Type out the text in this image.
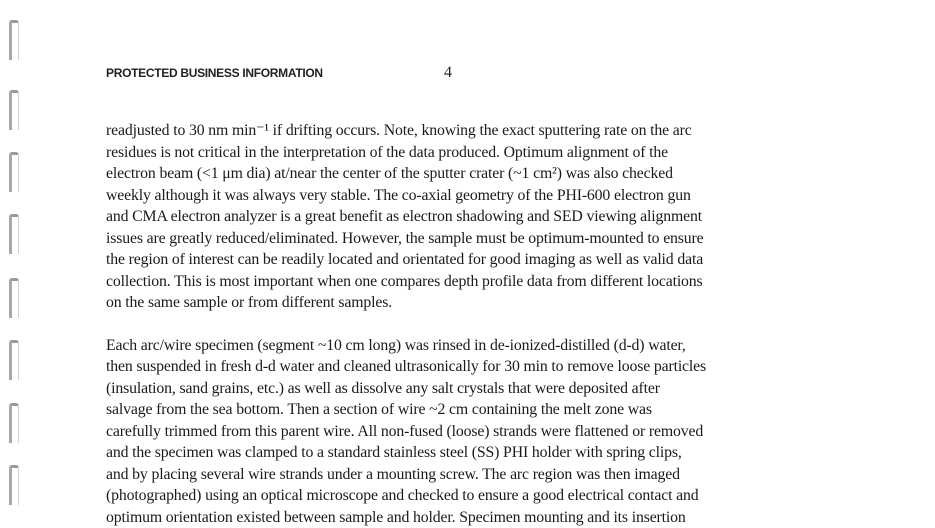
PROTECTED BUSINESS INFORMATION	4

readjusted to 30 nm min⁻¹ if drifting occurs. Note, knowing the exact sputtering rate on the arc
residues is not critical in the interpretation of the data produced. Optimum alignment of the
electron beam (<1 μm dia) at/near the center of the sputter crater (~1 cm²) was also checked
weekly although it was always very stable. The co-axial geometry of the PHI-600 electron gun
and CMA electron analyzer is a great benefit as electron shadowing and SED viewing alignment
issues are greatly reduced/eliminated. However, the sample must be optimum-mounted to ensure
the region of interest can be readily located and orientated for good imaging as well as valid data
collection. This is most important when one compares depth profile data from different locations
on the same sample or from different samples.

Each arc/wire specimen (segment ~10 cm long) was rinsed in de-ionized-distilled (d-d) water,
then suspended in fresh d-d water and cleaned ultrasonically for 30 min to remove loose particles
(insulation, sand grains, etc.) as well as dissolve any salt crystals that were deposited after
salvage from the sea bottom. Then a section of wire ~2 cm containing the melt zone was
carefully trimmed from this parent wire. All non-fused (loose) strands were flattened or removed
and the specimen was clamped to a standard stainless steel (SS) PHI holder with spring clips,
and by placing several wire strands under a mounting screw. The arc region was then imaged
(photographed) using an optical microscope and checked to ensure a good electrical contact and
optimum orientation existed between sample and holder. Specimen mounting and its insertion
